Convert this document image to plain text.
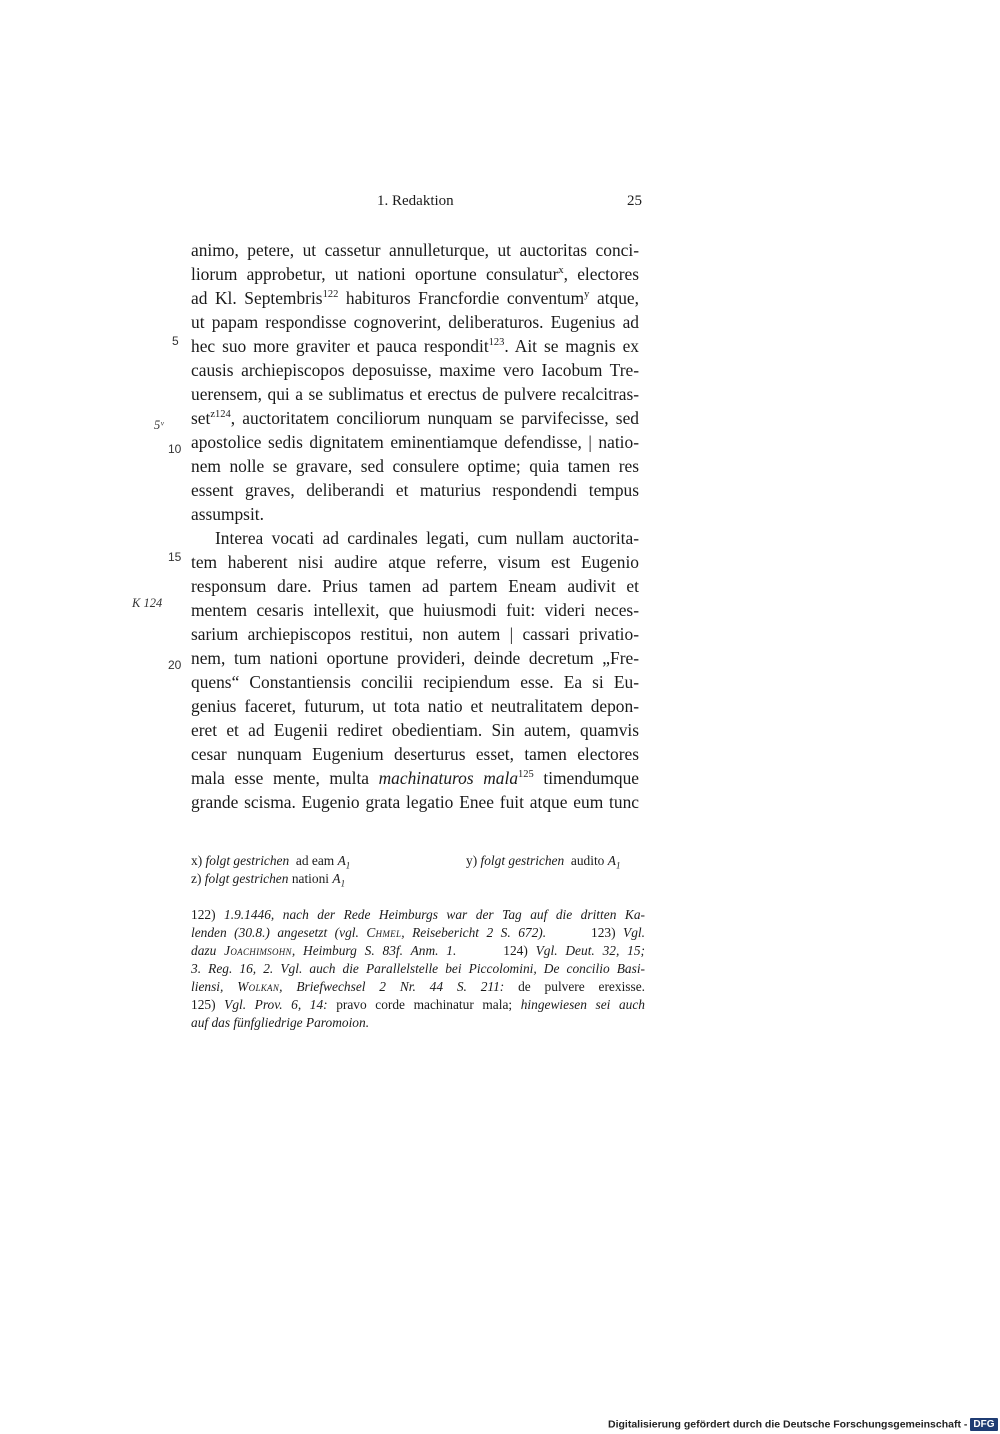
1. Redaktion	25
animo, petere, ut cassetur annulleturque, ut auctoritas conci-
liorum approbetur, ut nationi oportune consulatur$^x$, electores
ad Kl. Septembris$^{122}$ habituros Francfordie conventum$^y$ atque,
ut papam respondisse cognoverint, deliberaturos. Eugenius ad
hec suo more graviter et pauca respondit$^{123}$. Ait se magnis ex
causis archiepiscopos deposuisse, maxime vero Iacobum Tre-
uerensem, qui a se sublimatus et erectus de pulvere recalcitras-
set$^{z124}$, auctoritatem conciliorum nunquam se parvifecisse, sed
apostolice sedis dignitatem eminentiamque defendisse, | natio-
nem nolle se gravare, sed consulere optime; quia tamen res
essent graves, deliberandi et maturius respondendi tempus
assumpsit.
Interea vocati ad cardinales legati, cum nullam auctorita-
tem haberent nisi audire atque referre, visum est Eugenio
responsum dare. Prius tamen ad partem Eneam audivit et
mentem cesaris intellexit, que huiusmodi fuit: videri neces-
sarium archiepiscopos restitui, non autem | cassari privatio-
nem, tum nationi oportune provideri, deinde decretum „Fre-
quens“ Constantiensis concilii recipiendum esse. Ea si Eu-
genius faceret, futurum, ut tota natio et neutralitatem depon-
eret et ad Eugenii rediret obedientiam. Sin autem, quamvis
cesar nunquam Eugenium deserturus esset, tamen electores
mala esse mente, multa machinaturos mala$^{125}$ timendumque
grande scisma. Eugenio grata legatio Enee fuit atque eum tunc
5
5ᵛ
10
15
K 124
20
x) folgt gestrichen ad eam $A_1$	y) folgt gestrichen audito $A_1$
z) folgt gestrichen nationi $A_1$
122) 1.9.1446, nach der Rede Heimburgs war der Tag auf die dritten Ka-
lenden (30.8.) angesetzt (vgl. Chmel, Reisebericht 2 S. 672).	123) Vgl.
dazu Joachimsohn, Heimburg S. 83f. Anm. 1.	124) Vgl. Deut. 32, 15;
3. Reg. 16, 2. Vgl. auch die Parallelstelle bei Piccolomini, De concilio Basi-
liensi, Wolkan, Briefwechsel 2 Nr. 44 S. 211: de pulvere erexisse.
125) Vgl. Prov. 6, 14: pravo corde machinatur mala; hingewiesen sei auch
auf das fünfgliedrige Paromoion.
Digitalisierung gefördert durch die Deutsche Forschungsgemeinschaft - DFG
